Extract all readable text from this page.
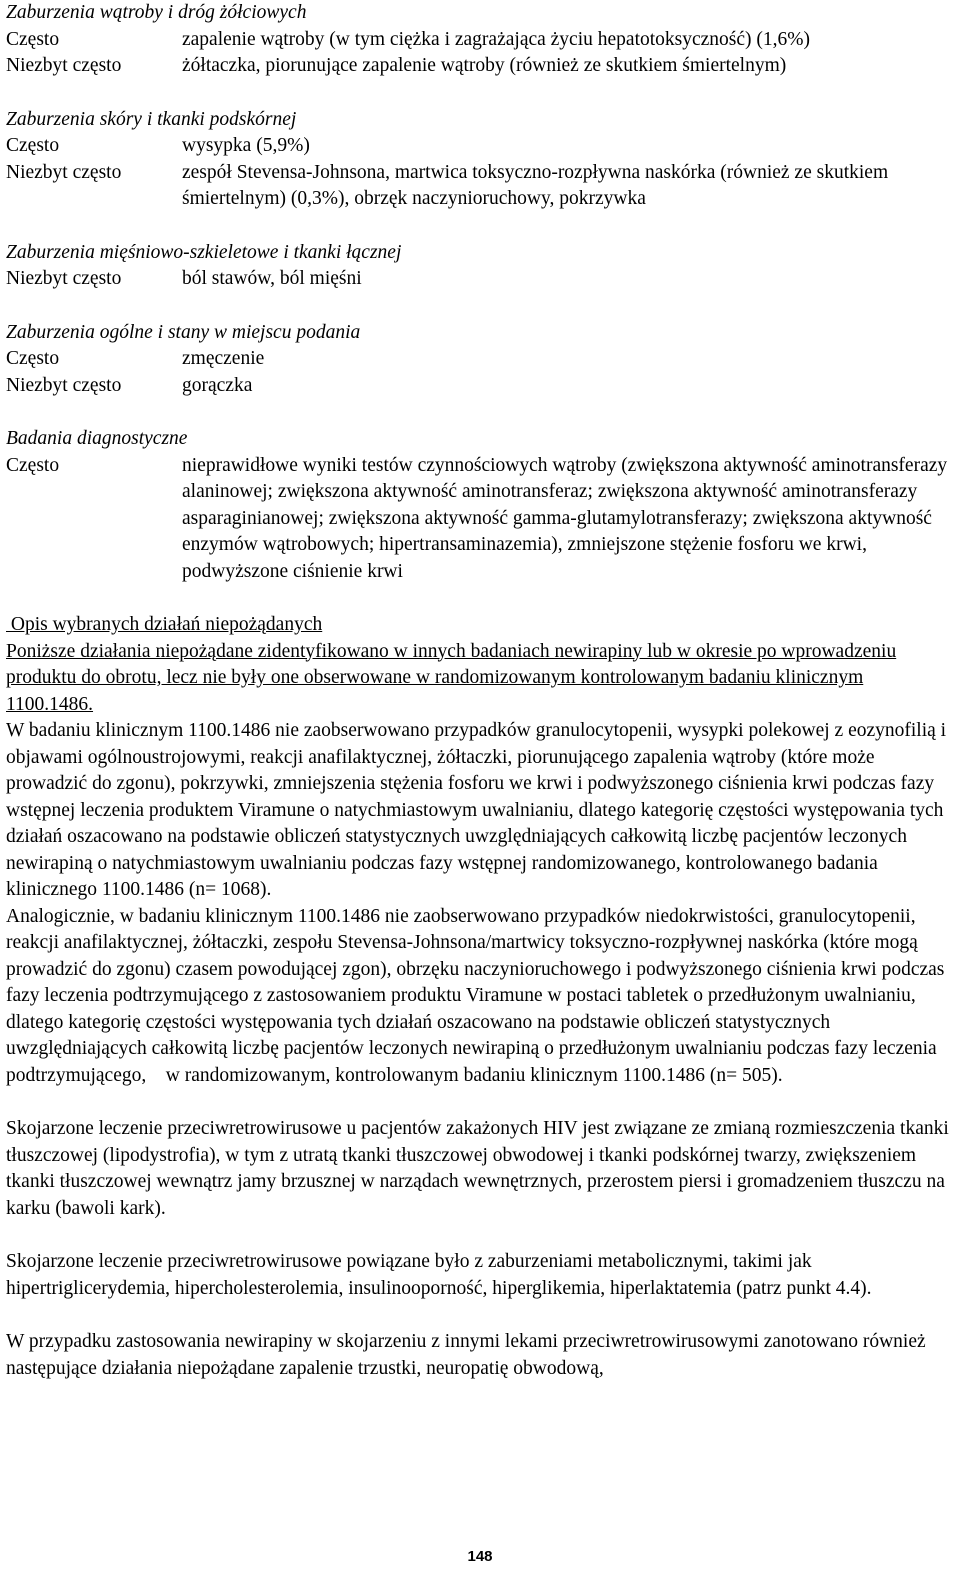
Zaburzenia wątroby i dróg żółciowych
Często	zapalenie wątroby (w tym ciężka i zagrażająca życiu hepatotoksyczność) (1,6%)
Niezbyt często	żółtaczka, piorunujące zapalenie wątroby (również ze skutkiem śmiertelnym)
Zaburzenia skóry i tkanki podskórnej
Często	wysypka (5,9%)
Niezbyt często	zespół Stevensa-Johnsona, martwica toksyczno-rozpływna naskórka (również ze skutkiem śmiertelnym) (0,3%), obrzęk naczynioruchowy, pokrzywka
Zaburzenia mięśniowo-szkieletowe i tkanki łącznej
Niezbyt często	ból stawów, ból mięśni
Zaburzenia ogólne i stany w miejscu podania
Często	zmęczenie
Niezbyt często	gorączka
Badania diagnostyczne
Często	nieprawidłowe wyniki testów czynnościowych wątroby (zwiększona aktywność aminotransferazy alaninowej; zwiększona aktywność aminotransferaz; zwiększona aktywność aminotransferazy asparaginianowej; zwiększona aktywność gamma-glutamylotransferazy; zwiększona aktywność enzymów wątrobowych; hipertransaminazemia), zmniejszone stężenie fosforu we krwi, podwyższone ciśnienie krwi
Opis wybranych działań niepożądanych

Poniższe działania niepożądane zidentyfikowano w innych badaniach newirapiny lub w okresie po wprowadzeniu produktu do obrotu, lecz nie były one obserwowane w randomizowanym kontrolowanym badaniu klinicznym 1100.1486.

W badaniu klinicznym 1100.1486 nie zaobserwowano przypadków granulocytopenii, wysypki polekowej z eozynofilią i objawami ogólnoustrojowymi, reakcji anafilaktycznej, żółtaczki, piorunującego zapalenia wątroby (które może prowadzić do zgonu), pokrzywki, zmniejszenia stężenia fosforu we krwi i podwyższonego ciśnienia krwi podczas fazy wstępnej leczenia produktem Viramune o natychmiastowym uwalnianiu, dlatego kategorię częstości występowania tych działań oszacowano na podstawie obliczeń statystycznych uwzględniających całkowitą liczbę pacjentów leczonych newirapiną o natychmiastowym uwalnianiu podczas fazy wstępnej randomizowanego, kontrolowanego badania klinicznego 1100.1486 (n= 1068).

Analogicznie, w badaniu klinicznym 1100.1486 nie zaobserwowano przypadków niedokrwistości, granulocytopenii, reakcji anafilaktycznej, żółtaczki, zespołu Stevensa-Johnsona/martwicy toksyczno-rozpływnej naskórka (które mogą prowadzić do zgonu) czasem powodującej zgon), obrzęku naczynioruchowego i podwyższonego ciśnienia krwi podczas fazy leczenia podtrzymującego z zastosowaniem produktu Viramune w postaci tabletek o przedłużonym uwalnianiu, dlatego kategorię częstości występowania tych działań oszacowano na podstawie obliczeń statystycznych uwzględniających całkowitą liczbę pacjentów leczonych newirapiną o przedłużonym uwalnianiu podczas fazy leczenia podtrzymującego,    w randomizowanym, kontrolowanym badaniu klinicznym 1100.1486 (n= 505).

Skojarzone leczenie przeciwretrowirusowe u pacjentów zakażonych HIV jest związane ze zmianą rozmieszczenia tkanki tłuszczowej (lipodystrofia), w tym z utratą tkanki tłuszczowej obwodowej i tkanki podskórnej twarzy, zwiększeniem tkanki tłuszczowej wewnątrz jamy brzusznej w narządach wewnętrznych, przerostem piersi i gromadzeniem tłuszczu na karku (bawoli kark).

Skojarzone leczenie przeciwretrowirusowe powiązane było z zaburzeniami metabolicznymi, takimi jak hipertriglicerydemia, hipercholesterolemia, insulinooporność, hiperglikemia, hiperlaktatemia (patrz punkt 4.4).

W przypadku zastosowania newirapiny w skojarzeniu z innymi lekami przeciwretrowirusowymi zanotowano również następujące działania niepożądane zapalenie trzustki, neuropatię obwodową,

148
